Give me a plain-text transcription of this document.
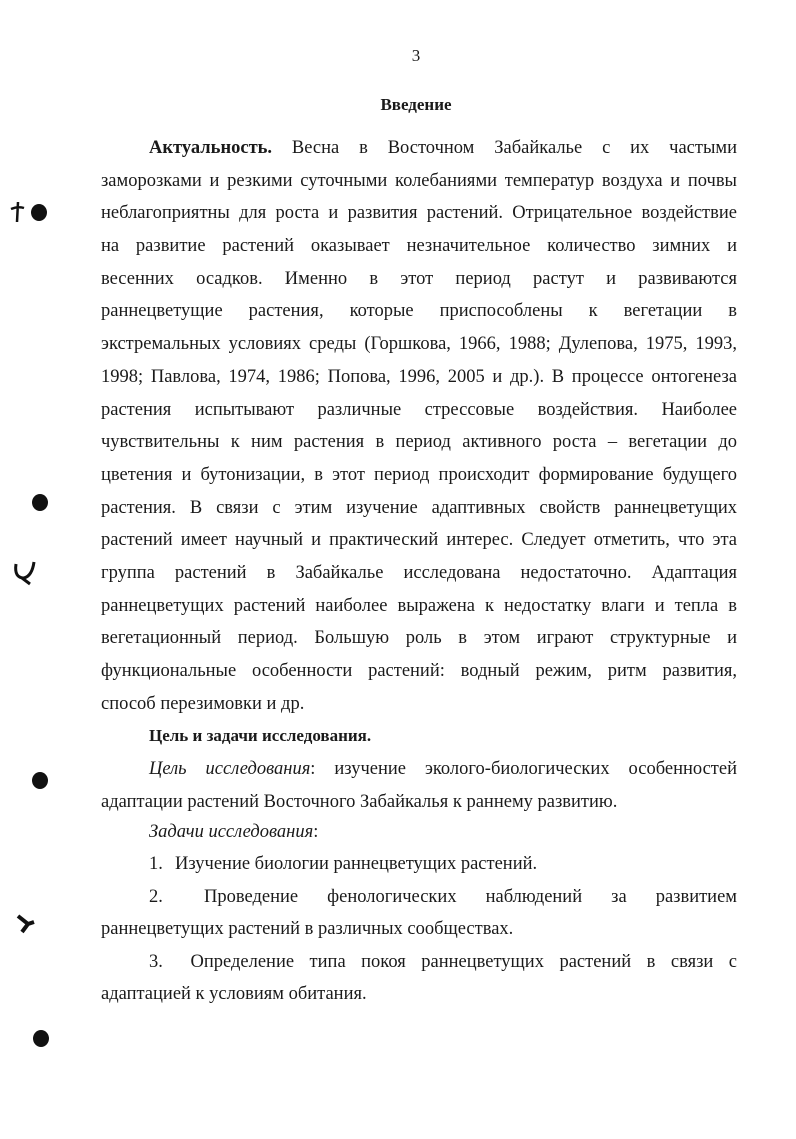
3
Введение
Актуальность. Весна в Восточном Забайкалье с их частыми
заморозками и резкими суточными колебаниями температур воздуха и почвы
неблагоприятны для роста и развития растений. Отрицательное воздействие
на развитие растений оказывает незначительное количество зимних и
весенних осадков. Именно в этот период растут и развиваются
раннецветущие растения, которые приспособлены к вегетации в
экстремальных условиях среды (Горшкова, 1966, 1988; Дулепова, 1975, 1993,
1998; Павлова, 1974, 1986; Попова, 1996, 2005 и др.). В процессе онтогенеза
растения испытывают различные стрессовые воздействия. Наиболее
чувствительны к ним растения в период активного роста – вегетации до
цветения и бутонизации, в этот период происходит формирование будущего
растения. В связи с этим изучение адаптивных свойств раннецветущих
растений имеет научный и практический интерес. Следует отметить, что эта
группа растений в Забайкалье исследована недостаточно. Адаптация
раннецветущих растений наиболее выражена к недостатку влаги и тепла в
вегетационный период. Большую роль в этом играют структурные и
функциональные особенности растений: водный режим, ритм развития,
способ перезимовки и др.
Цель и задачи исследования.
Цель исследования: изучение эколого-биологических особенностей
адаптации растений Восточного Забайкалья к раннему развитию.
Задачи исследования:
1. Изучение биологии раннецветущих растений.
2. Проведение фенологических наблюдений за развитием
раннецветущих растений в различных сообществах.
3. Определение типа покоя раннецветущих растений в связи с
адаптацией к условиям обитания.
